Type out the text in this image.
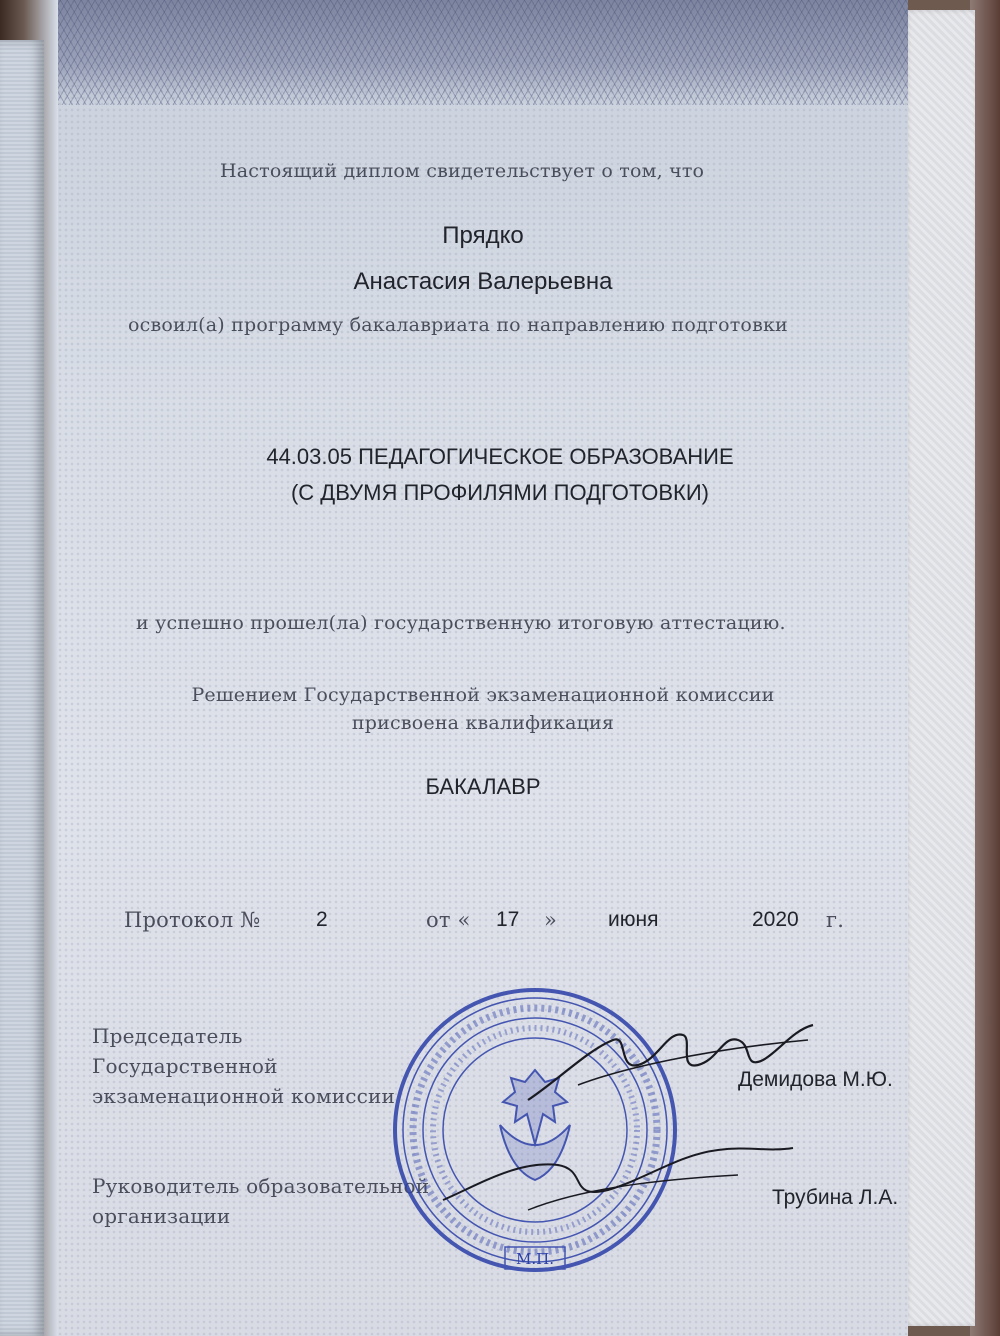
Настоящий диплом свидетельствует о том, что
Прядко
Анастасия Валерьевна
освоил(а) программу бакалавриата по направлению подготовки
44.03.05 ПЕДАГОГИЧЕСКОЕ ОБРАЗОВАНИЕ
(С ДВУМЯ ПРОФИЛЯМИ ПОДГОТОВКИ)
и успешно прошел(ла) государственную итоговую аттестацию.
Решением Государственной экзаменационной комиссии
присвоена квалификация
БАКАЛАВР
Протокол №	2	от « 17 » июня	2020 г.
Председатель
Государственной
экзаменационной комиссии
Демидова М.Ю.
Руководитель образовательной
организации
Трубина Л.А.
М.П.
